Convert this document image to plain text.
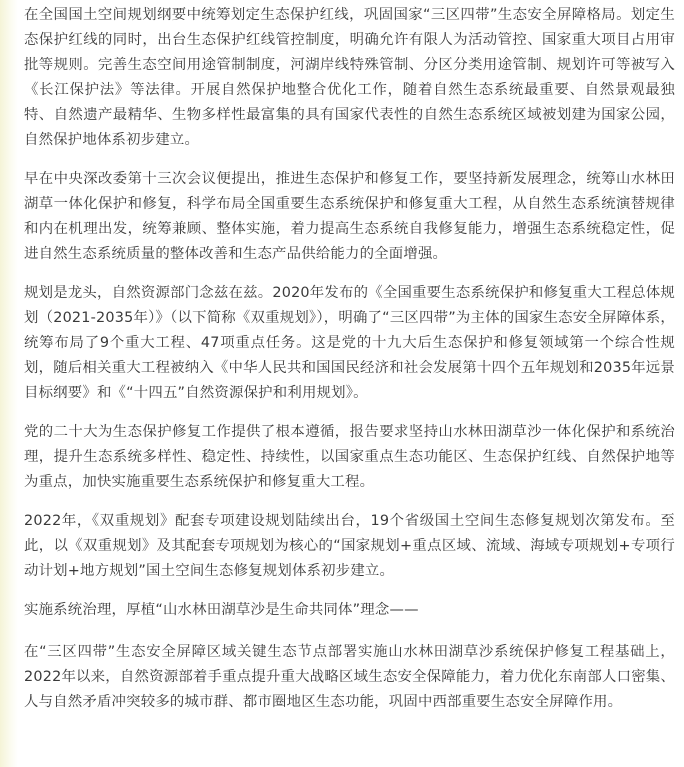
在全国国土空间规划纲要中统筹划定生态保护红线，巩固国家“三区四带”生态安全屏障格局。划定生态保护红线的同时，出台生态保护红线管控制度，明确允许有限人为活动管控、国家重大项目占用审批等规则。完善生态空间用途管制制度，河湖岸线特殊管制、分区分类用途管制、规划许可等被写入《长江保护法》等法律。开展自然保护地整合优化工作，随着自然生态系统最重要、自然景观最独特、自然遗产最精华、生物多样性最富集的具有国家代表性的自然生态系统区域被划建为国家公园，自然保护地体系初步建立。

早在中央深改委第十三次会议便提出，推进生态保护和修复工作，要坚持新发展理念，统筹山水林田湖草一体化保护和修复，科学布局全国重要生态系统保护和修复重大工程，从自然生态系统演替规律和内在机理出发，统筹兼顾、整体实施，着力提高生态系统自我修复能力，增强生态系统稳定性，促进自然生态系统质量的整体改善和生态产品供给能力的全面增强。

规划是龙头，自然资源部门念兹在兹。2020年发布的《全国重要生态系统保护和修复重大工程总体规划（2021-2035年）》（以下简称《双重规划》），明确了“三区四带”为主体的国家生态安全屏障体系，统筹布局了9个重大工程、47项重点任务。这是党的十九大后生态保护和修复领域第一个综合性规划，随后相关重大工程被纳入《中华人民共和国国民经济和社会发展第十四个五年规划和2035年远景目标纲要》和《“十四五”自然资源保护和利用规划》。

党的二十大为生态保护修复工作提供了根本遵循，报告要求坚持山水林田湖草沙一体化保护和系统治理，提升生态系统多样性、稳定性、持续性，以国家重点生态功能区、生态保护红线、自然保护地等为重点，加快实施重要生态系统保护和修复重大工程。

2022年，《双重规划》配套专项建设规划陆续出台，19个省级国土空间生态修复规划次第发布。至此，以《双重规划》及其配套专项规划为核心的“国家规划+重点区域、流域、海域专项规划+专项行动计划+地方规划”国土空间生态修复规划体系初步建立。

实施系统治理，厚植“山水林田湖草沙是生命共同体”理念——

在“三区四带”生态安全屏障区域关键生态节点部署实施山水林田湖草沙系统保护修复工程基础上，2022年以来，自然资源部着手重点提升重大战略区域生态安全保障能力，着力优化东南部人口密集、人与自然矛盾冲突较多的城市群、都市圈地区生态功能，巩固中西部重要生态安全屏障作用。
